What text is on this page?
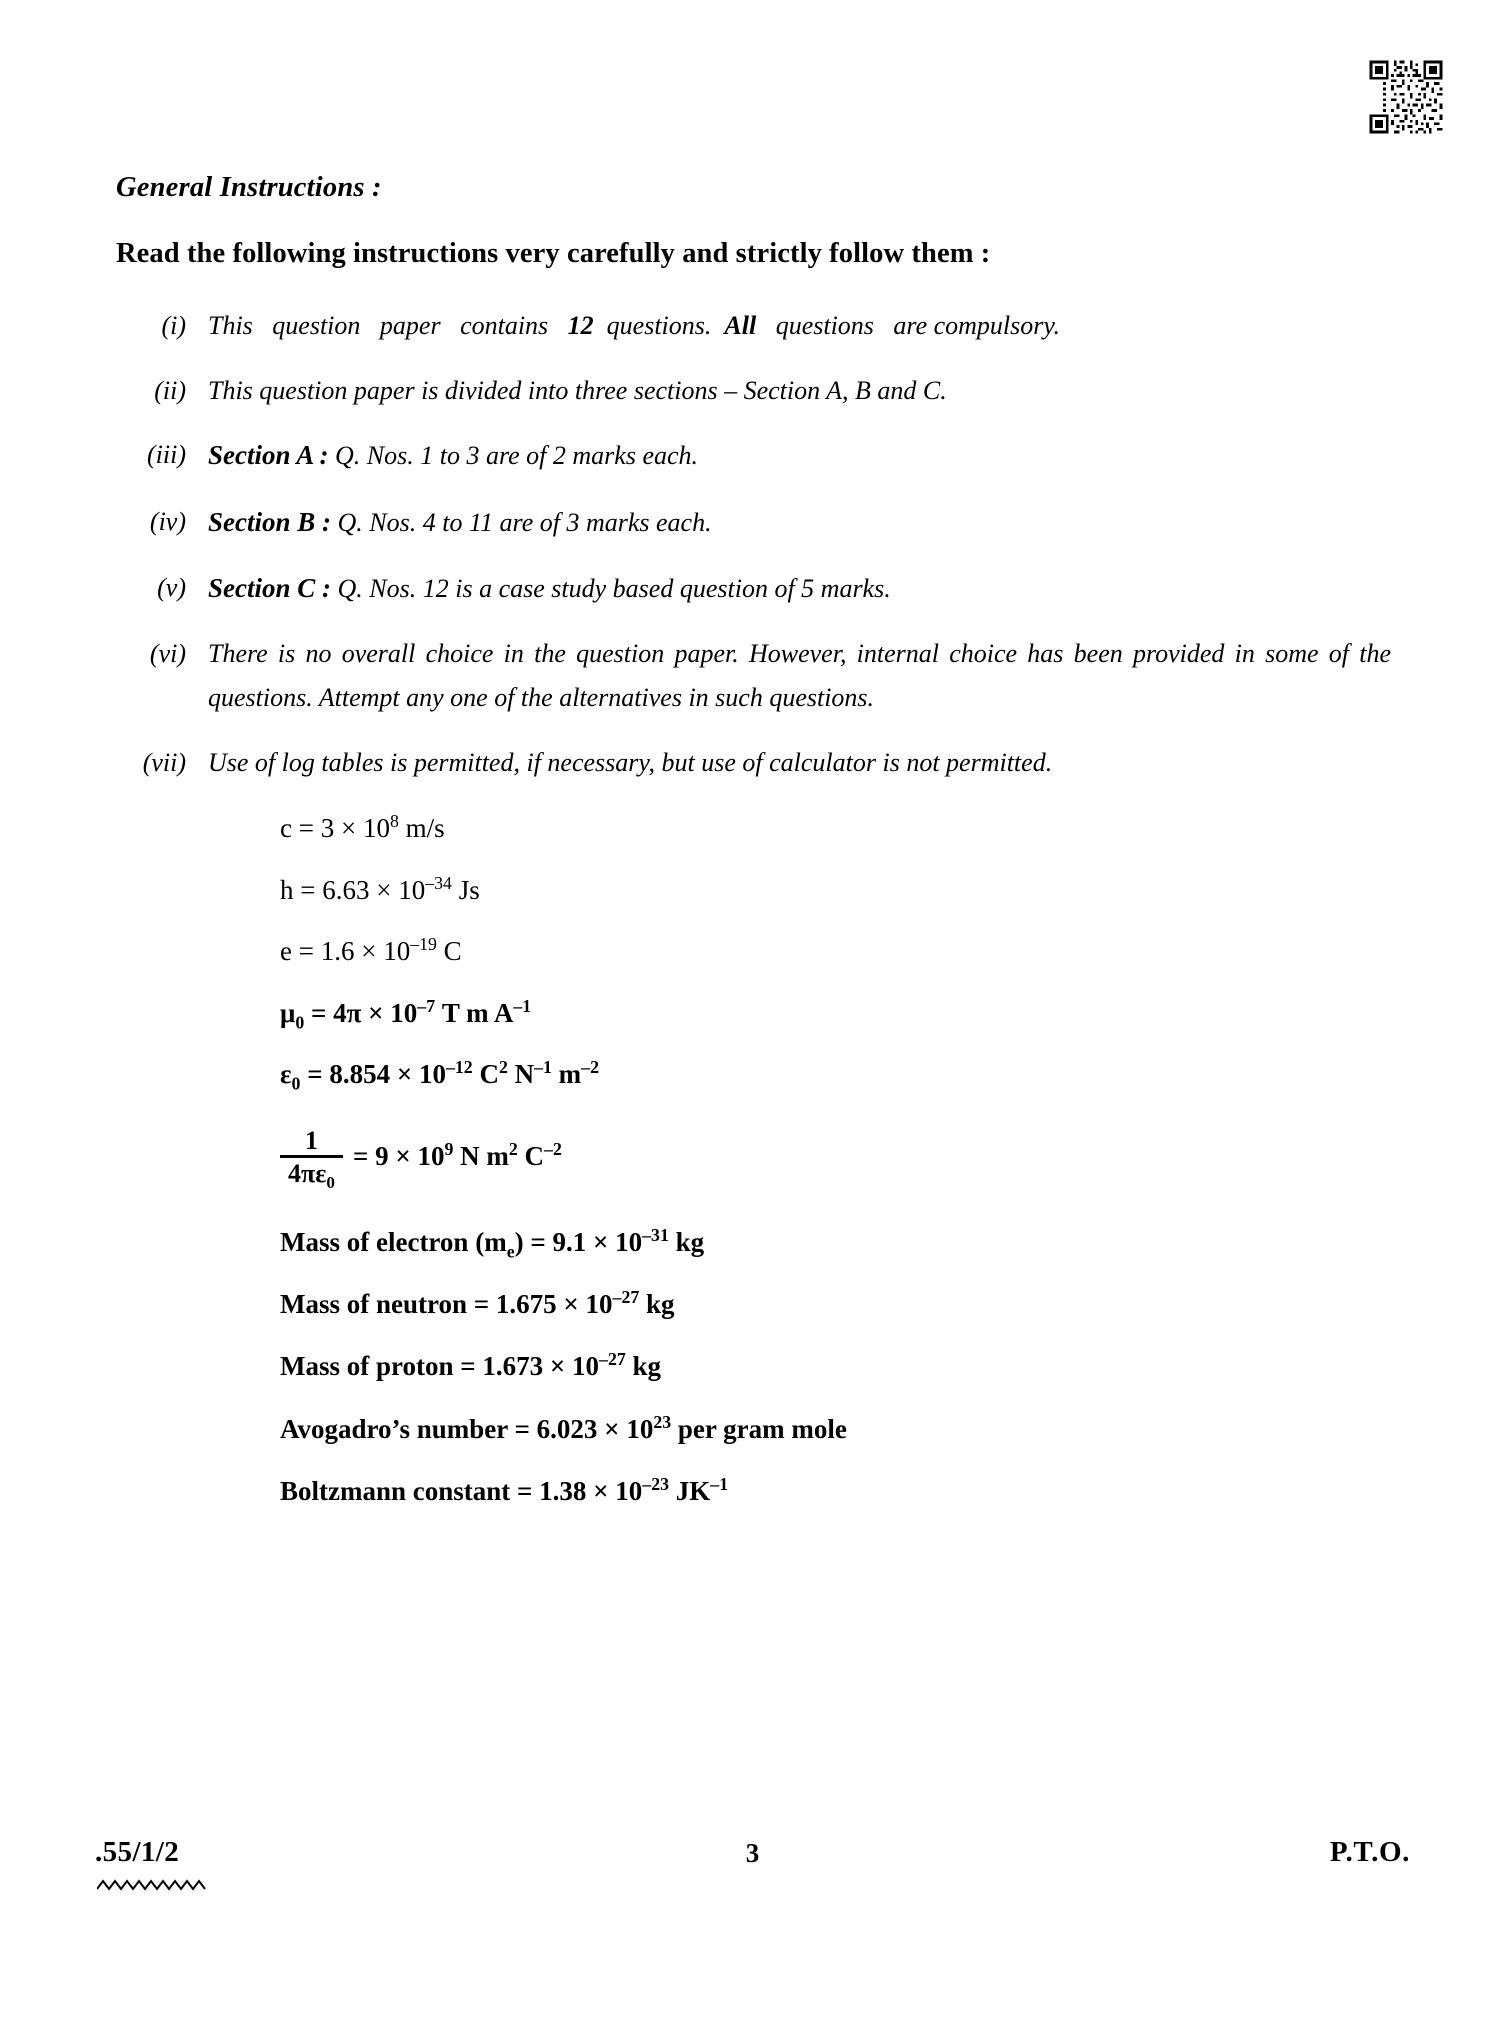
General Instructions :
Read the following instructions very carefully and strictly follow them :
(i) This   question   paper   contains   12  questions.  All   questions   are compulsory.
(ii) This question paper is divided into three sections – Section A, B and C.
(iii) Section A : Q. Nos. 1 to 3 are of 2 marks each.
(iv) Section B : Q. Nos. 4 to 11 are of 3 marks each.
(v) Section C : Q. Nos. 12 is a case study based question of 5 marks.
(vi) There is no overall choice in the question paper. However, internal choice has been provided in some of the questions. Attempt any one of the alternatives in such questions.
(vii) Use of log tables is permitted, if necessary, but use of calculator is not permitted.
$c = 3 \times 10^8$ m/s
$h = 6.63 \times 10^{-34}$ Js
$e = 1.6 \times 10^{-19}$ C
$\mu_0 = 4\pi \times 10^{-7}$ T m $A^{-1}$
$\varepsilon_0 = 8.854 \times 10^{-12}$ $C^2$ $N^{-1}$ $m^{-2}$
$\frac{1}{4\pi\varepsilon_0} = 9 \times 10^9$ N $m^2$ $C^{-2}$
Mass of electron $(m_e) = 9.1 \times 10^{-31}$ kg
Mass of neutron = $1.675 \times 10^{-27}$ kg
Mass of proton = $1.673 \times 10^{-27}$ kg
Avogadro’s number = $6.023 \times 10^{23}$ per gram mole
Boltzmann constant = $1.38 \times 10^{-23}$ $JK^{-1}$
.55/1/2	3	P.T.O.
